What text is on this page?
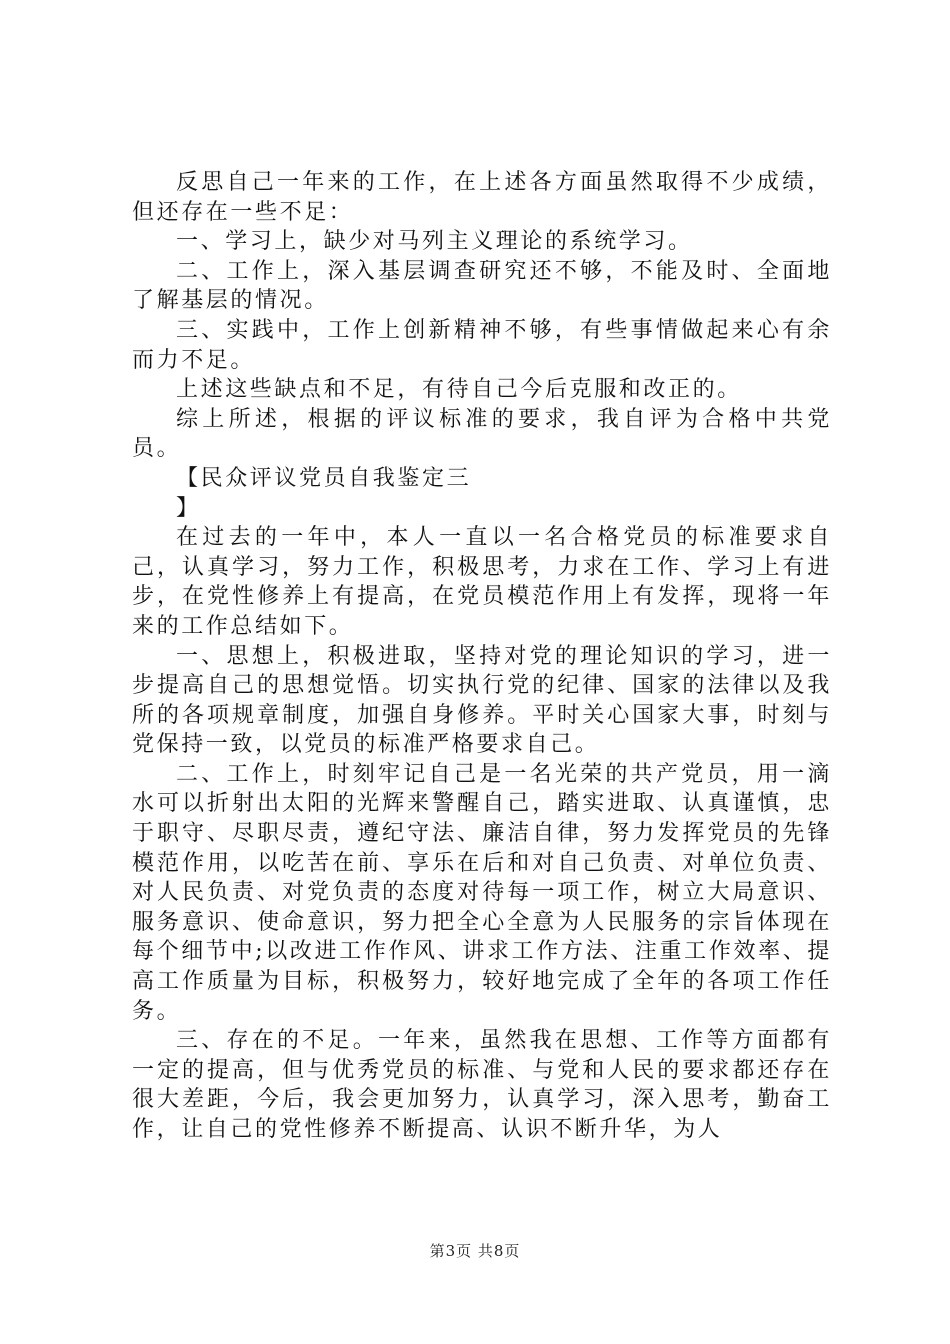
反思自己一年来的工作，在上述各方面虽然取得不少成绩，但还存在一些不足：

一、学习上，缺少对马列主义理论的系统学习。

二、工作上，深入基层调查研究还不够，不能及时、全面地了解基层的情况。

三、实践中，工作上创新精神不够，有些事情做起来心有余而力不足。

上述这些缺点和不足，有待自己今后克服和改正的。

综上所述，根据的评议标准的要求，我自评为合格中共党员。

【民众评议党员自我鉴定三

】

在过去的一年中，本人一直以一名合格党员的标准要求自己，认真学习，努力工作，积极思考，力求在工作、学习上有进步，在党性修养上有提高，在党员模范作用上有发挥，现将一年来的工作总结如下。

一、思想上，积极进取，坚持对党的理论知识的学习，进一步提高自己的思想觉悟。切实执行党的纪律、国家的法律以及我所的各项规章制度，加强自身修养。平时关心国家大事，时刻与党保持一致，以党员的标准严格要求自己。

二、工作上，时刻牢记自己是一名光荣的共产党员，用一滴水可以折射出太阳的光辉来警醒自己，踏实进取、认真谨慎，忠于职守、尽职尽责，遵纪守法、廉洁自律，努力发挥党员的先锋模范作用，以吃苦在前、享乐在后和对自己负责、对单位负责、对人民负责、对党负责的态度对待每一项工作，树立大局意识、服务意识、使命意识，努力把全心全意为人民服务的宗旨体现在每个细节中;以改进工作作风、讲求工作方法、注重工作效率、提高工作质量为目标，积极努力，较好地完成了全年的各项工作任务。

三、存在的不足。一年来，虽然我在思想、工作等方面都有一定的提高，但与优秀党员的标准、与党和人民的要求都还存在很大差距，今后，我会更加努力，认真学习，深入思考，勤奋工作，让自己的党性修养不断提高、认识不断升华，为人

第3页 共8页
